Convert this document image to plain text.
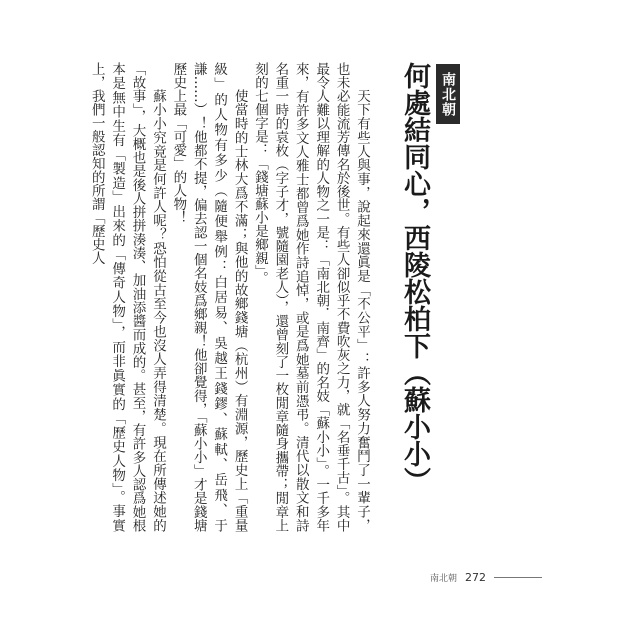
南北朝
何處結同心，西陵松柏下（蘇小小）

天下有些人與事，說起來還眞是「不公平」：許多人努力奮鬥了一輩子，也未必能流芳傳名於後世。有些人卻似乎不費吹灰之力，就「名垂千古」。其中最令人難以理解的人物之一是：「南北朝．南齊」的名妓「蘇小小」。一千多年來，有許多文人雅士都曾爲她作詩追悼，或是爲她墓前憑弔。清代以散文和詩名重一時的袁枚（字子才，號隨園老人），還曾刻了一枚閒章隨身攜帶；閒章上刻的七個字是：「錢塘蘇小是鄉親」。

使當時的士林大爲不滿；與他的故鄉錢塘（杭州）有淵源，歷史上「重量級」的人物有多少（隨便舉例：白居易、吳越王錢鏐、蘇軾、岳飛、于謙……）！他都不提，偏去認一個名妓爲鄉親！他卻覺得，「蘇小小」才是錢塘歷史上最「可愛」的人物！

蘇小小究竟是何許人呢？恐怕從古至今也沒人弄得清楚。現在所傳述她的「故事」，大概也是後人拼拼湊湊、加油添醬而成的。甚至，有許多人認爲她根本是無中生有「製造」出來的「傳奇人物」，而非眞實的「歷史人物」。事實上，我們一般認知的所謂「歷史人

南北朝 272
